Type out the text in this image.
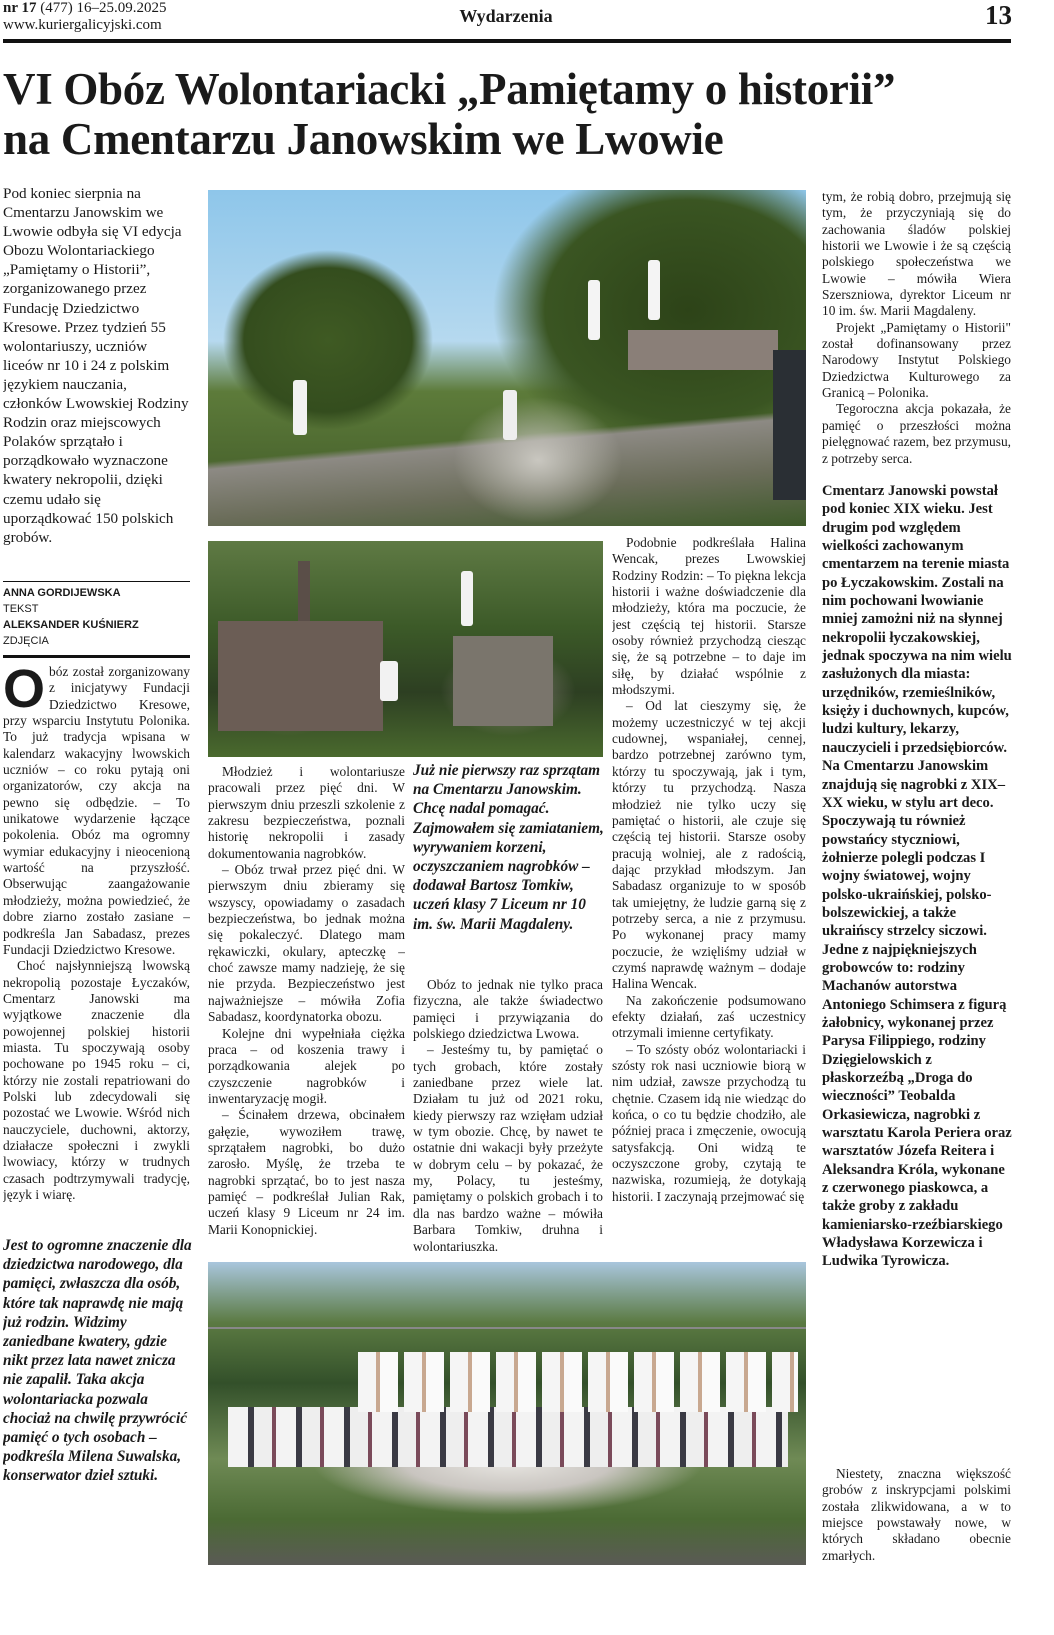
nr 17 (477) 16–25.09.2025
www.kuriergalicyjski.com	Wydarzenia	13
VI Obóz Wolontariacki „Pamiętamy o historii”
na Cmentarzu Janowskim we Lwowie

Pod koniec sierpnia na Cmentarzu Janowskim we Lwowie odbyła się VI edycja Obozu Wolontariackiego „Pamiętamy o Historii”, zorganizowanego przez Fundację Dziedzictwo Kresowe. Przez tydzień 55 wolontariuszy, uczniów liceów nr 10 i 24 z polskim językiem nauczania, członków Lwowskiej Rodziny Rodzin oraz miejscowych Polaków sprzątało i porządkowało wyznaczone kwatery nekropolii, dzięki czemu udało się uporządkować 150 polskich grobów.

ANNA GORDIJEWSKA
TEKST
ALEKSANDER KUŚNIERZ
ZDJĘCIA

Obóz został zorganizowany z inicjatywy Fundacji Dziedzictwo Kresowe, przy wsparciu Instytutu Polonika. To już tradycja wpisana w kalendarz wakacyjny lwowskich uczniów – co roku pytają oni organizatorów, czy akcja na pewno się odbędzie. – To unikatowe wydarzenie łączące pokolenia. Obóz ma ogromny wymiar edukacyjny i nieocenioną wartość na przyszłość. Obserwując zaangażowanie młodzieży, można powiedzieć, że dobre ziarno zostało zasiane – podkreśla Jan Sabadasz, prezes Fundacji Dziedzictwo Kresowe.

Choć najsłynniejszą lwowską nekropolią pozostaje Łyczaków, Cmentarz Janowski ma wyjątkowe znaczenie dla powojennej polskiej historii miasta. Tu spoczywają osoby pochowane po 1945 roku – ci, którzy nie zostali repatriowani do Polski lub zdecydowali się pozostać we Lwowie. Wśród nich nauczyciele, duchowni, aktorzy, działacze społeczni i zwykli lwowiacy, którzy w trudnych czasach podtrzymywali tradycję, język i wiarę.

Jest to ogromne znaczenie dla dziedzictwa narodowego, dla pamięci, zwłaszcza dla osób, które tak naprawdę nie mają już rodzin. Widzimy zaniedbane kwatery, gdzie nikt przez lata nawet znicza nie zapalił. Taka akcja wolontariacka pozwala chociaż na chwilę przywrócić pamięć o tych osobach – podkreśla Milena Suwalska, konserwator dzieł sztuki.

Młodzież i wolontariusze pracowali przez pięć dni. W pierwszym dniu przeszli szkolenie z zakresu bezpieczeństwa, poznali historię nekropolii i zasady dokumentowania nagrobków.

– Obóz trwał przez pięć dni. W pierwszym dniu zbieramy się wszyscy, opowiadamy o zasadach bezpieczeństwa, bo jednak można się pokaleczyć. Dlatego mam rękawiczki, okulary, apteczkę – choć zawsze mamy nadzieję, że się nie przyda. Bezpieczeństwo jest najważniejsze – mówiła Zofia Sabadasz, koordynatorka obozu.

Kolejne dni wypełniała ciężka praca – od koszenia trawy i porządkowania alejek po czyszczenie nagrobków i inwentaryzację mogił.

– Ścinałem drzewa, obcinałem gałęzie, wywoziłem trawę, sprzątałem nagrobki, bo dużo zarosło. Myślę, że trzeba te nagrobki sprzątać, bo to jest nasza pamięć – podkreślał Julian Rak, uczeń klasy 9 Liceum nr 24 im. Marii Konopnickiej.

Już nie pierwszy raz sprzątam na Cmentarzu Janowskim. Chcę nadal pomagać. Zajmowałem się zamiataniem, wyrywaniem korzeni, oczyszczaniem nagrobków – dodawał Bartosz Tomkiw, uczeń klasy 7 Liceum nr 10 im. św. Marii Magdaleny.

Obóz to jednak nie tylko praca fizyczna, ale także świadectwo pamięci i przywiązania do polskiego dziedzictwa Lwowa.

– Jesteśmy tu, by pamiętać o tych grobach, które zostały zaniedbane przez wiele lat. Działam tu już od 2021 roku, kiedy pierwszy raz wzięłam udział w tym obozie. Chcę, by nawet te ostatnie dni wakacji były przeżyte w dobrym celu – by pokazać, że my, Polacy, tu jesteśmy, pamiętamy o polskich grobach i to dla nas bardzo ważne – mówiła Barbara Tomkiw, druhna i wolontariuszka.

Podobnie podkreślała Halina Wencak, prezes Lwowskiej Rodziny Rodzin: – To piękna lekcja historii i ważne doświadczenie dla młodzieży, która ma poczucie, że jest częścią tej historii. Starsze osoby również przychodzą ciesząc się, że są potrzebne – to daje im siłę, by działać wspólnie z młodszymi.

– Od lat cieszymy się, że możemy uczestniczyć w tej akcji cudownej, wspaniałej, cennej, bardzo potrzebnej zarówno tym, którzy tu spoczywają, jak i tym, którzy tu przychodzą. Nasza młodzież nie tylko uczy się pamiętać o historii, ale czuje się częścią tej historii. Starsze osoby pracują wolniej, ale z radością, dając przykład młodszym. Jan Sabadasz organizuje to w sposób tak umiejętny, że ludzie garną się z potrzeby serca, a nie z przymusu. Po wykonanej pracy mamy poczucie, że wzięliśmy udział w czymś naprawdę ważnym – dodaje Halina Wencak.

Na zakończenie podsumowano efekty działań, zaś uczestnicy otrzymali imienne certyfikaty.

– To szósty obóz wolontariacki i szósty rok nasi uczniowie biorą w nim udział, zawsze przychodzą tu chętnie. Czasem idą nie wiedząc do końca, o co tu będzie chodziło, ale później praca i zmęczenie, owocują satysfakcją. Oni widzą te oczyszczone groby, czytają te nazwiska, rozumieją, że dotykają historii. I zaczynają przejmować się

tym, że robią dobro, przejmują się tym, że przyczyniają się do zachowania śladów polskiej historii we Lwowie i że są częścią polskiego społeczeństwa we Lwowie – mówiła Wiera Szerszniowa, dyrektor Liceum nr 10 im. św. Marii Magdaleny.

Projekt „Pamiętamy o Historii" został dofinansowany przez Narodowy Instytut Polskiego Dziedzictwa Kulturowego za Granicą – Polonika.

Tegoroczna akcja pokazała, że pamięć o przeszłości można pielęgnować razem, bez przymusu, z potrzeby serca.

Cmentarz Janowski powstał pod koniec XIX wieku. Jest drugim pod względem wielkości zachowanym cmentarzem na terenie miasta po Łyczakowskim. Zostali na nim pochowani lwowianie mniej zamożni niż na słynnej nekropolii łyczakowskiej, jednak spoczywa na nim wielu zasłużonych dla miasta: urzędników, rzemieślników, księży i duchownych, kupców, ludzi kultury, lekarzy, nauczycieli i przedsiębiorców. Na Cmentarzu Janowskim znajdują się nagrobki z XIX–XX wieku, w stylu art deco. Spoczywają tu również powstańcy styczniowi, żołnierze polegli podczas I wojny światowej, wojny polsko-ukraińskiej, polsko-bolszewickiej, a także ukraińscy strzelcy siczowi. Jedne z najpiękniejszych grobowców to: rodziny Machanów autorstwa Antoniego Schimsera z figurą żałobnicy, wykonanej przez Parysa Filippiego, rodziny Dzięgielowskich z płaskorzeźbą „Droga do wieczności” Teobalda Orkasiewicza, nagrobki z warsztatu Karola Periera oraz warsztatów Józefa Reitera i Aleksandra Króla, wykonane z czerwonego piaskowca, a także groby z zakładu kamieniarsko-rzeźbiarskiego Władysława Korzewicza i Ludwika Tyrowicza.

Niestety, znaczna większość grobów z inskrypcjami polskimi została zlikwidowana, a w to miejsce powstawały nowe, w których składano obecnie zmarłych.
